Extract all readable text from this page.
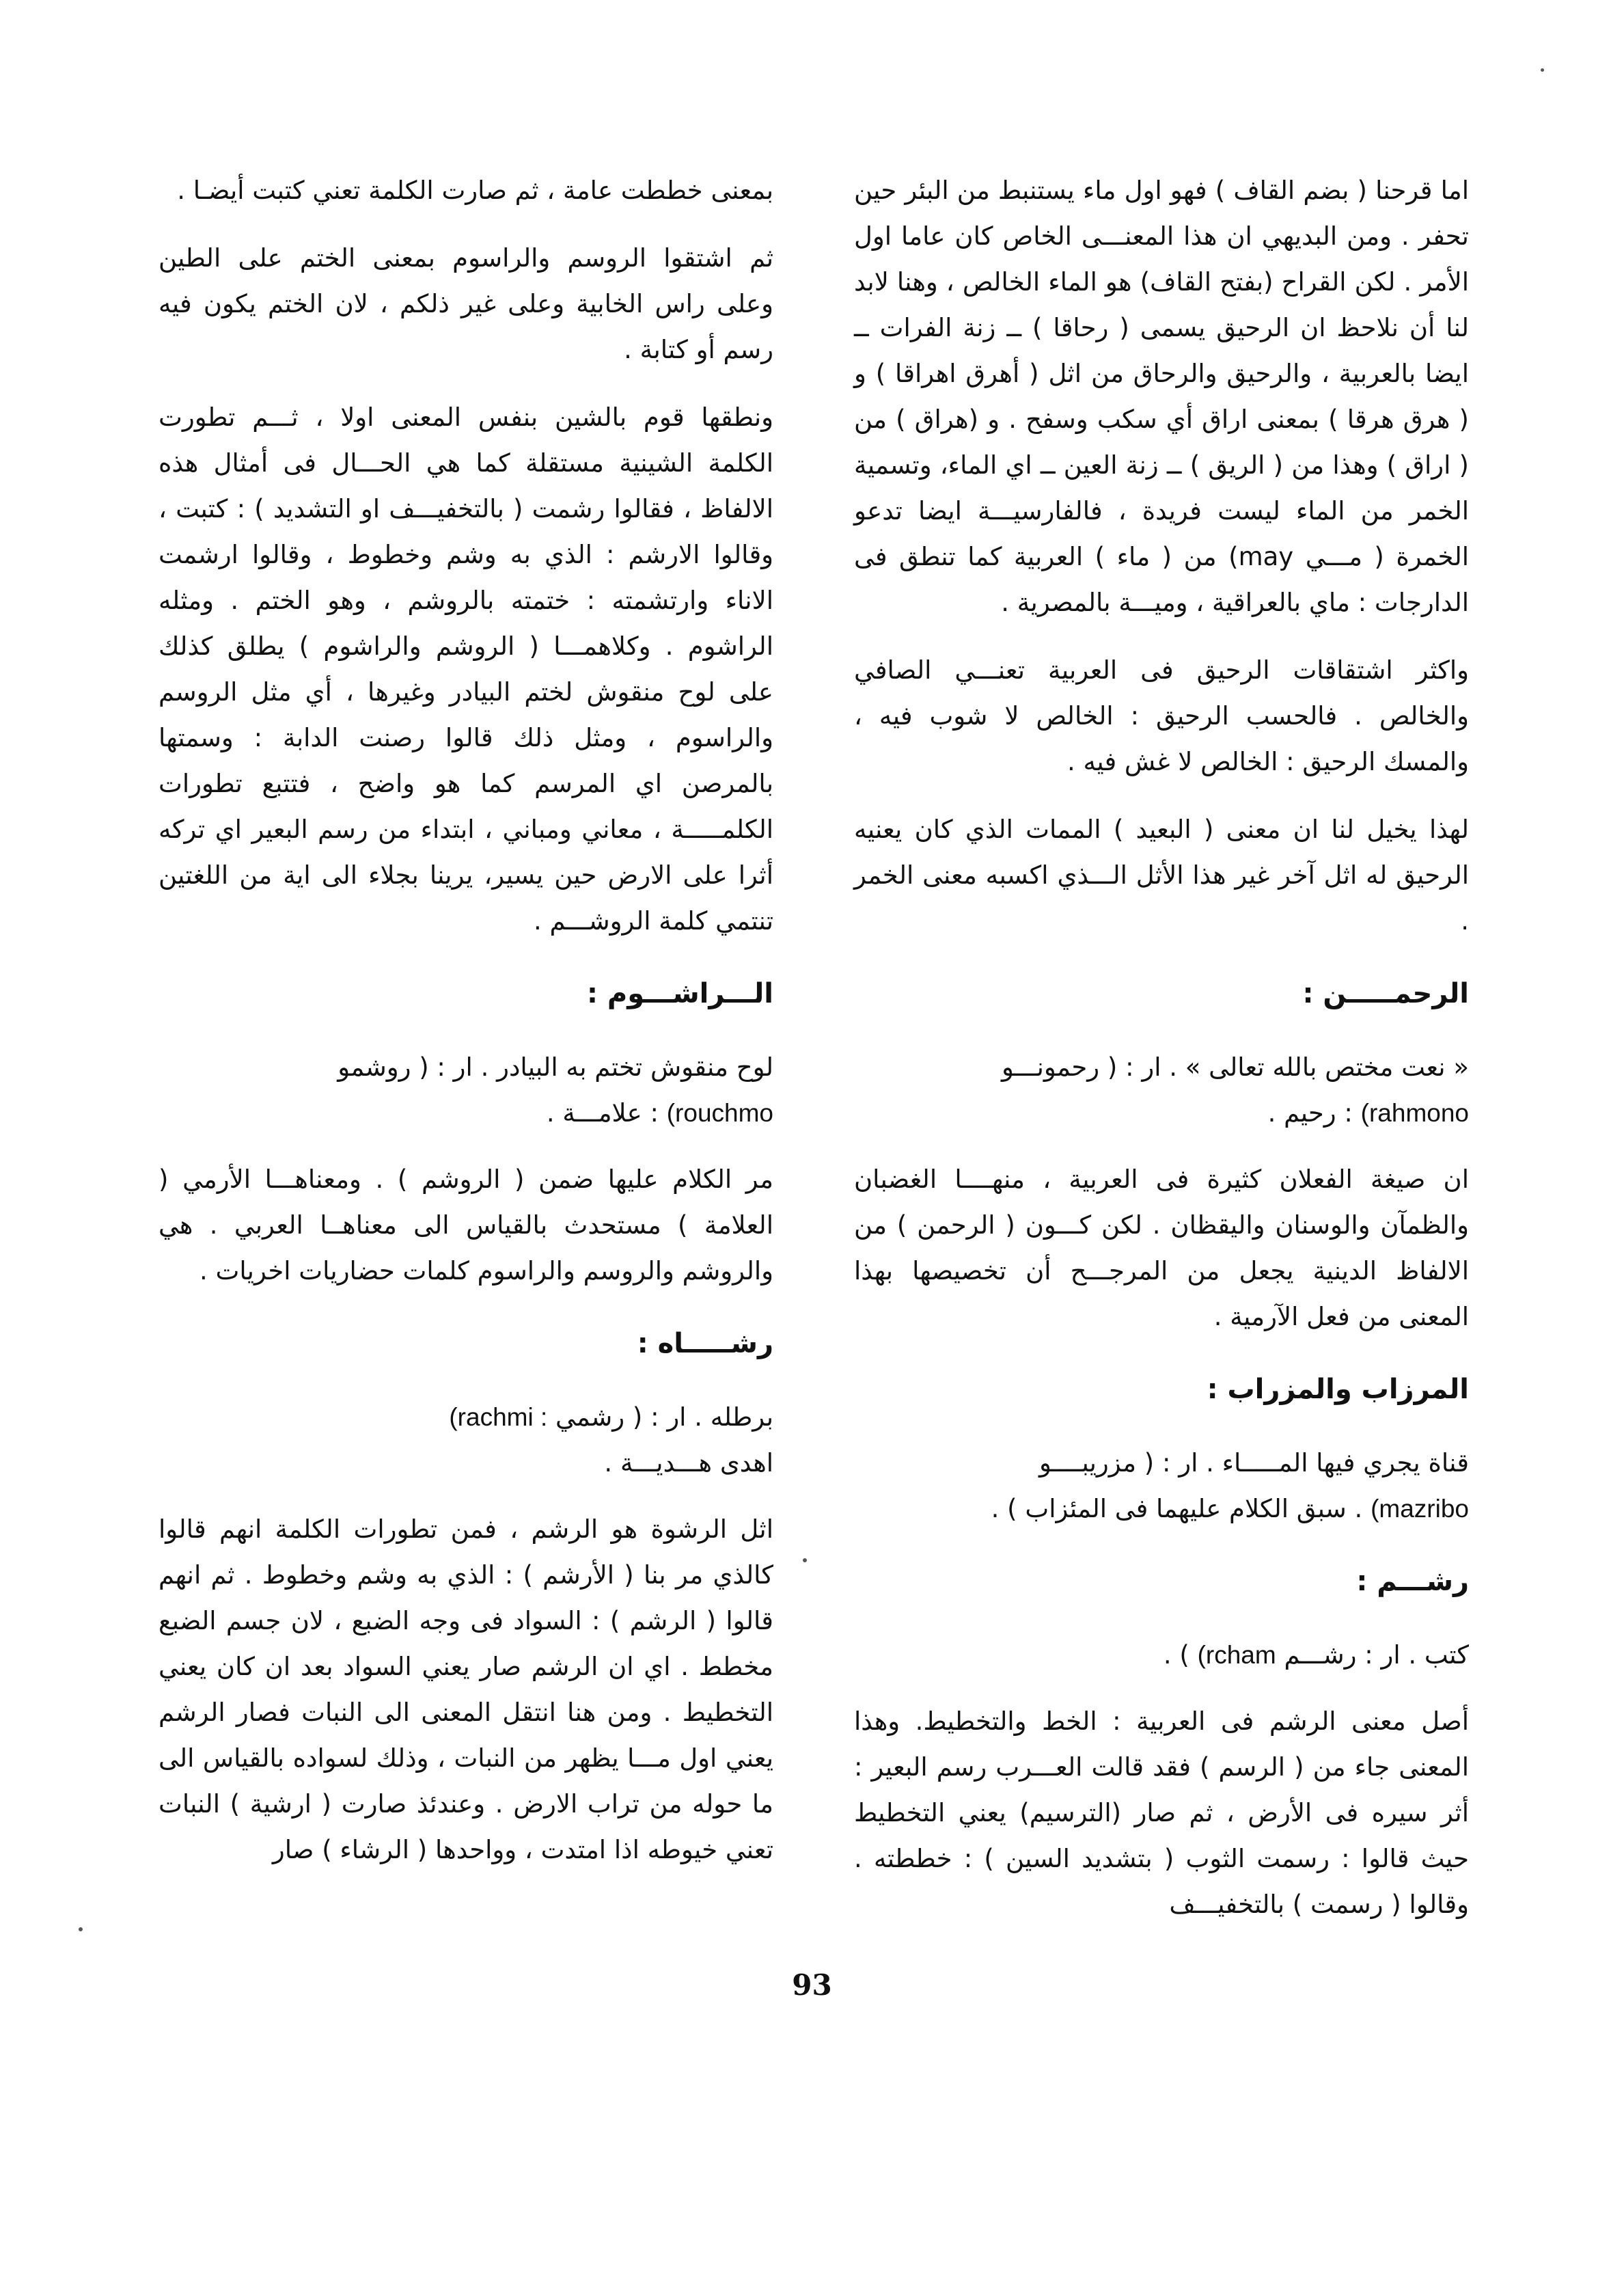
اما قرحنا ( بضم القاف ) فهو اول ماء يستنبط من البئر حين تحفر . ومن البديهي ان هذا المعنـــى الخاص كان عاما اول الأمر . لكن القراح (بفتح القاف) هو الماء الخالص ، وهنا لابد لنا أن نلاحظ ان الرحيق يسمى ( رحاقا ) ــ زنة الفرات ــ ايضا بالعربية ، والرحيق والرحاق من اثل ( أهرق اهراقا ) و ( هرق هرقا ) بمعنى اراق أي سكب وسفح . و (هراق ) من ( اراق ) وهذا من ( الريق ) ــ زنة العين ــ اي الماء، وتسمية الخمر من الماء ليست فريدة ، فالفارسيـــة ايضا تدعو الخمرة ( مـــي may) من ( ماء ) العربية كما تنطق فى الدارجات : ماي بالعراقية ، وميـــة بالمصرية .

واكثر اشتقاقات الرحيق فى العربية تعنـــي الصافي والخالص . فالحسب الرحيق : الخالص لا شوب فيه ، والمسك الرحيق : الخالص لا غش فيه .

لهذا يخيل لنا ان معنى ( البعيد ) الممات الذي كان يعنيه الرحيق له اثل آخر غير هذا الأثل الـــذي اكسبه معنى الخمر .

الرحمـــــن :

« نعت مختص بالله تعالى » . ار : ( رحمونـــو
(rahmono : رحيم .

ان صيغة الفعلان كثيرة فى العربية ، منهــــا الغضبان والظمآن والوسنان واليقظان . لكن كـــون ( الرحمن ) من الالفاظ الدينية يجعل من المرجـــح أن تخصيصها بهذا المعنى من فعل الآرمية .

المرزاب والمزراب :

قناة يجري فيها المـــــاء . ار : ( مزريبــــو
(mazribo . سبق الكلام عليهما فى المئزاب ) .

رشـــم :

كتب . ار : رشـــم (rcham ) .

أصل معنى الرشم فى العربية : الخط والتخطيط. وهذا المعنى جاء من ( الرسم ) فقد قالت العـــرب رسم البعير : أثر سيره فى الأرض ، ثم صار (الترسيم) يعني التخطيط حيث قالوا : رسمت الثوب ( بتشديد السين ) : خططته . وقالوا ( رسمت ) بالتخفيـــف

بمعنى خططت عامة ، ثم صارت الكلمة تعني كتبت أيضـا .

ثم اشتقوا الروسم والراسوم بمعنى الختم على الطين وعلى راس الخابية وعلى غير ذلكم ، لان الختم يكون فيه رسم أو كتابة .

ونطقها قوم بالشين بنفس المعنى اولا ، ثـــم تطورت الكلمة الشينية مستقلة كما هي الحـــال فى أمثال هذه الالفاظ ، فقالوا رشمت ( بالتخفيـــف او التشديد ) : كتبت ، وقالوا الارشم : الذي به وشم وخطوط ، وقالوا ارشمت الاناء وارتشمته : ختمته بالروشم ، وهو الختم . ومثله الراشوم . وكلاهمـــا ( الروشم والراشوم ) يطلق كذلك على لوح منقوش لختم البيادر وغيرها ، أي مثل الروسم والراسوم ، ومثل ذلك قالوا رصنت الدابة : وسمتها بالمرصن اي المرسم كما هو واضح ، فتتبع تطورات الكلمـــــة ، معاني ومباني ، ابتداء من رسم البعير اي تركه أثرا على الارض حين يسير، يرينا بجلاء الى اية من اللغتين تنتمي كلمة الروشـــم .

الـــراشـــوم :

لوح منقوش تختم به البيادر . ار : ( روشمو
(rouchmo : علامـــة .

مر الكلام عليها ضمن ( الروشم ) . ومعناهـــا الأرمي ( العلامة ) مستحدث بالقياس الى معناهــا العربي . هي والروشم والروسم والراسوم كلمات حضاريات اخريات .

رشـــــاه :

برطله . ار : ( رشمي (rachmi :
اهدى هـــديـــة .

اثل الرشوة هو الرشم ، فمن تطورات الكلمة انهم قالوا كالذي مر بنا ( الأرشم ) : الذي به وشم وخطوط . ثم انهم قالوا ( الرشم ) : السواد فى وجه الضبع ، لان جسم الضبع مخطط . اي ان الرشم صار يعني السواد بعد ان كان يعني التخطيط . ومن هنا انتقل المعنى الى النبات فصار الرشم يعني اول مـــا يظهر من النبات ، وذلك لسواده بالقياس الى ما حوله من تراب الارض . وعندئذ صارت ( ارشية ) النبات تعني خيوطه اذا امتدت ، وواحدها ( الرشاء ) صار

93
